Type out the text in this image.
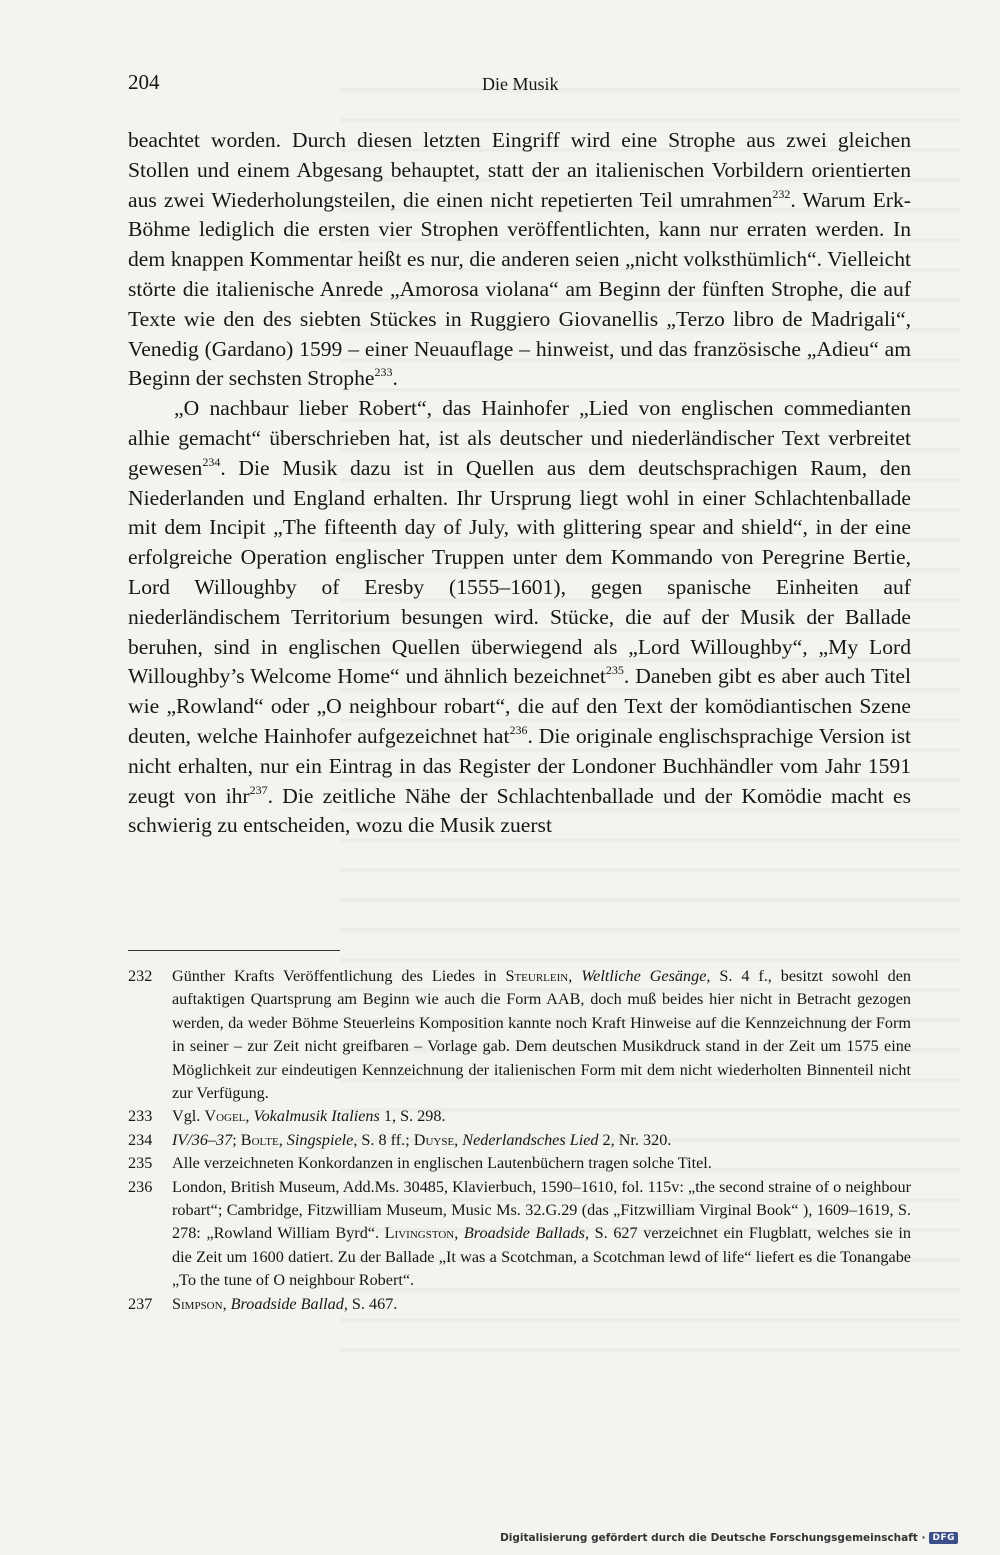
204	Die Musik

beachtet worden. Durch diesen letzten Eingriff wird eine Strophe aus zwei gleichen Stollen und einem Abgesang behauptet, statt der an italienischen Vorbildern orientierten aus zwei Wiederholungsteilen, die einen nicht repetierten Teil umrahmen$^{232}$. Warum Erk-Böhme lediglich die ersten vier Strophen veröffentlichten, kann nur erraten werden. In dem knappen Kommentar heißt es nur, die anderen seien „nicht volksthümlich“. Vielleicht störte die italienische Anrede „Amorosa violana“ am Beginn der fünften Strophe, die auf Texte wie den des siebten Stückes in Ruggiero Giovanellis „Terzo libro de Madrigali“, Venedig (Gardano) 1599 – einer Neuauflage – hinweist, und das französische „Adieu“ am Beginn der sechsten Strophe$^{233}$.

„O nachbaur lieber Robert“, das Hainhofer „Lied von englischen commedianten alhie gemacht“ überschrieben hat, ist als deutscher und niederländischer Text verbreitet gewesen$^{234}$. Die Musik dazu ist in Quellen aus dem deutschsprachigen Raum, den Niederlanden und England erhalten. Ihr Ursprung liegt wohl in einer Schlachtenballade mit dem Incipit „The fifteenth day of July, with glittering spear and shield“, in der eine erfolgreiche Operation englischer Truppen unter dem Kommando von Peregrine Bertie, Lord Willoughby of Eresby (1555–1601), gegen spanische Einheiten auf niederländischem Territorium besungen wird. Stücke, die auf der Musik der Ballade beruhen, sind in englischen Quellen überwiegend als „Lord Willoughby“, „My Lord Willoughby’s Welcome Home“ und ähnlich bezeichnet$^{235}$. Daneben gibt es aber auch Titel wie „Rowland“ oder „O neighbour robart“, die auf den Text der komödiantischen Szene deuten, welche Hainhofer aufgezeichnet hat$^{236}$. Die originale englischsprachige Version ist nicht erhalten, nur ein Eintrag in das Register der Londoner Buchhändler vom Jahr 1591 zeugt von ihr$^{237}$. Die zeitliche Nähe der Schlachtenballade und der Komödie macht es schwierig zu entscheiden, wozu die Musik zuerst

232	Günther Krafts Veröffentlichung des Liedes in Steurlein, Weltliche Gesänge, S. 4 f., besitzt sowohl den auftaktigen Quartsprung am Beginn wie auch die Form AAB, doch muß beides hier nicht in Betracht gezogen werden, da weder Böhme Steuerleins Komposition kannte noch Kraft Hinweise auf die Kennzeichnung der Form in seiner – zur Zeit nicht greifbaren – Vorlage gab. Dem deutschen Musikdruck stand in der Zeit um 1575 eine Möglichkeit zur eindeutigen Kennzeichnung der italienischen Form mit dem nicht wiederholten Binnenteil nicht zur Verfügung.
233	Vgl. Vogel, Vokalmusik Italiens 1, S. 298.
234	IV/36–37; Bolte, Singspiele, S. 8 ff.; Duyse, Nederlandsches Lied 2, Nr. 320.
235	Alle verzeichneten Konkordanzen in englischen Lautenbüchern tragen solche Titel.
236	London, British Museum, Add.Ms. 30485, Klavierbuch, 1590–1610, fol. 115v: „the second straine of o neighbour robart“; Cambridge, Fitzwilliam Museum, Music Ms. 32.G.29 (das „Fitzwilliam Virginal Book“ ), 1609–1619, S. 278: „Rowland William Byrd“. Livingston, Broadside Ballads, S. 627 verzeichnet ein Flugblatt, welches sie in die Zeit um 1600 datiert. Zu der Ballade „It was a Scotchman, a Scotchman lewd of life“ liefert es die Tonangabe „To the tune of O neighbour Robert“.
237	Simpson, Broadside Ballad, S. 467.
Digitalisierung gefördert durch die Deutsche Forschungsgemeinschaft · DFG
